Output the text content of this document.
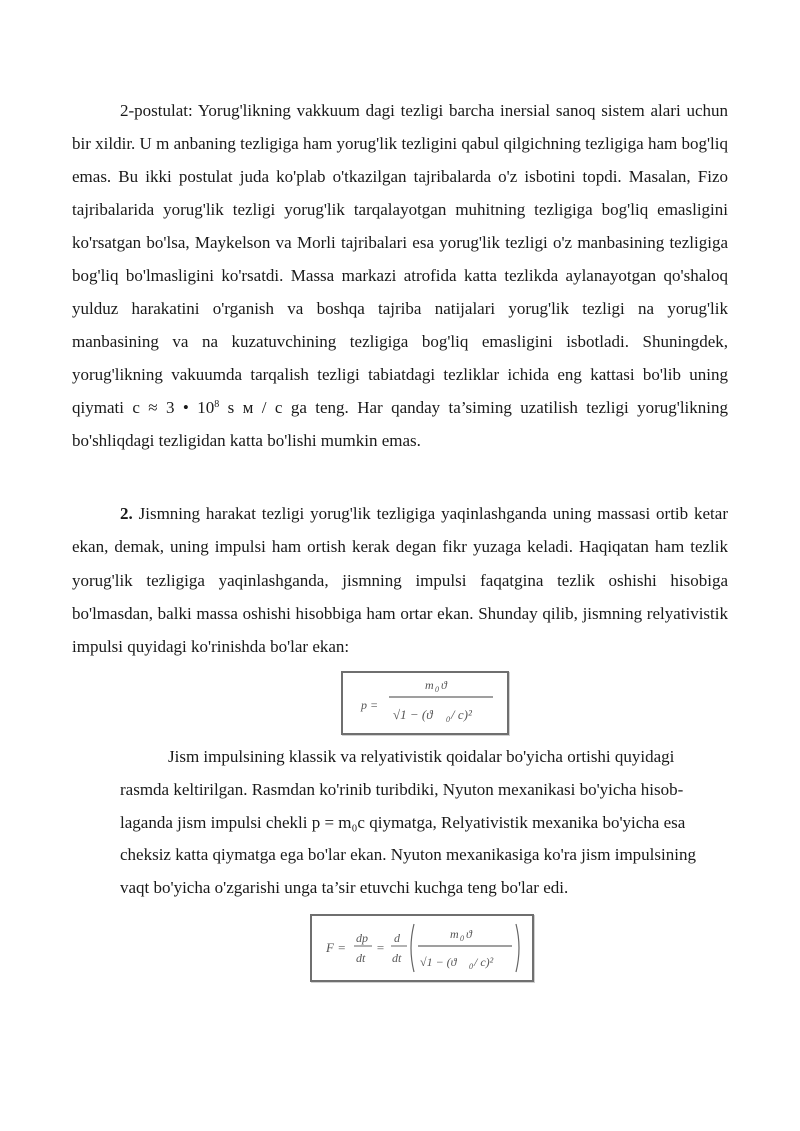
2-postulat: Yorug'likning vakkuum dagi tezligi barcha inersial sanoq sistem alari uchun bir xildir. U m anbaning tezligiga ham yorug'lik tezligini qabul qilgichning tezligiga ham bog'liq emas. Bu ikki postulat juda ko'plab o'tkazilgan tajribalarda o'z isbotini topdi. Masalan, Fizo tajribalarida yorug'lik tezligi yorug'lik tarqalayotgan muhitning tezligiga bog'liq emasligini ko'rsatgan bo'lsa, Maykelson va Morli tajribalari esa yorug'lik tezligi o'z manbasining tezligiga bog'liq bo'lmasligini ko'rsatdi. Massa markazi atrofida katta tezlikda aylanayotgan qo'shaloq yulduz harakatini o'rganish va boshqa tajriba natijalari yorug'lik tezligi na yorug'lik manbasining va na kuzatuvchining tezligiga bog'liq emasligini isbotladi. Shuningdek, yorug'likning vakuumda tarqalish tezligi tabiatdagi tezliklar ichida eng kattasi bo'lib uning qiymati c ≈ 3 • $10^8$ s м / c ga teng. Har qanday ta’siming uzatilish tezligi yorug'likning bo'shliqdagi tezligidan katta bo'lishi mumkin emas.

2. Jismning harakat tezligi yorug'lik tezligiga yaqinlashganda uning massasi ortib ketar ekan, demak, uning impulsi ham ortish kerak degan fikr yuzaga keladi. Haqiqatan ham tezlik yorug'lik tezligiga yaqinlashganda, jismning impulsi faqatgina tezlik oshishi hisobiga bo'lmasdan, balki massa oshishi hisobbiga ham ortar ekan. Shunday qilib, jismning relyativistik impulsi quyidagi ko'rinishda bo'lar ekan:

p =
m 0 ϑ
√1 − (ϑ 0 / c)²
Jism impulsining klassik va relyativistik qoidalar bo'yicha ortishi quyidagi
rasmda keltirilgan. Rasmdan ko'rinib turibdiki, Nyuton mexanikasi bo'yicha hisob-
laganda jism impulsi chekli p = m₀c qiymatga, Relyativistik mexanika bo'yicha esa
cheksiz katta qiymatga ega bo'lar ekan. Nyuton mexanikasiga ko'ra jism impulsining
vaqt bo'yicha o'zgarishi unga ta’sir etuvchi kuchga teng bo'lar edi.
F =
dp
dt
=
d
dt
m 0 ϑ
√1 − (ϑ 0 / c)²
